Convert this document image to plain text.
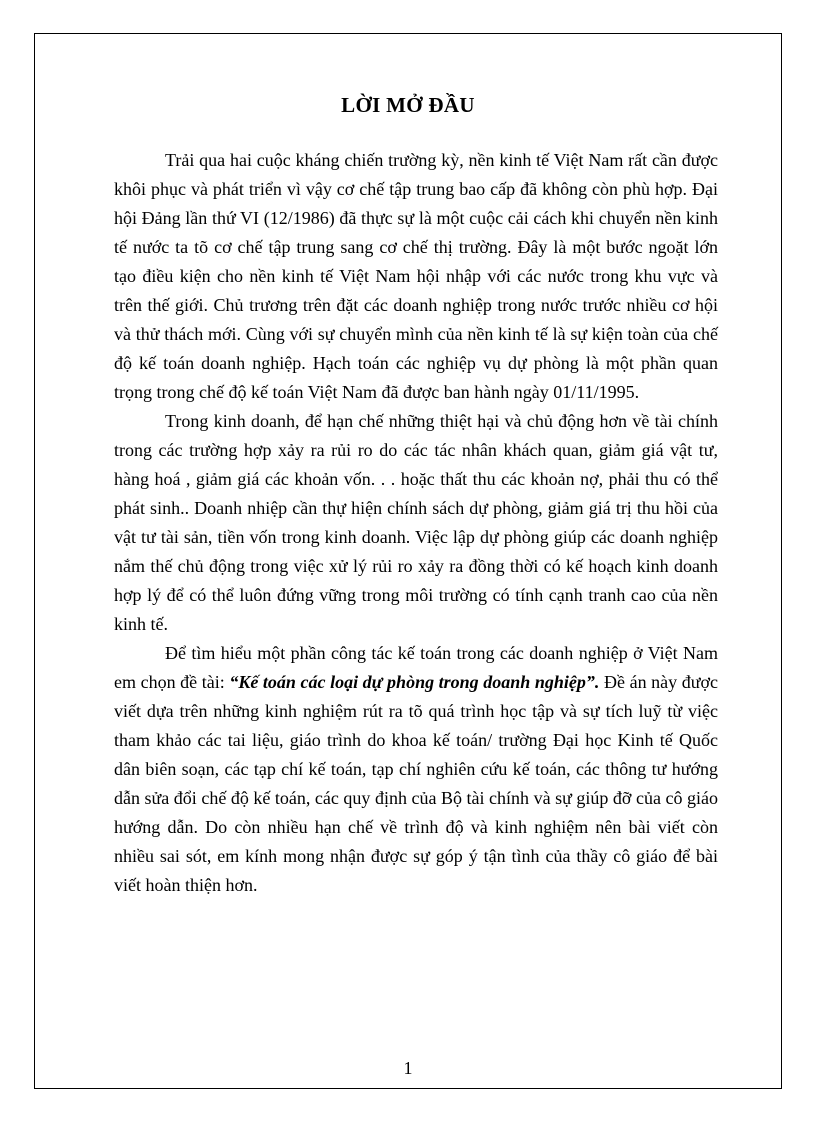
LỜI MỞ ĐẦU

Trải qua hai cuộc kháng chiến trường kỳ, nền kinh tế Việt Nam rất cần được khôi phục và phát triển vì vậy cơ chế tập trung bao cấp đã không còn phù hợp. Đại hội Đảng lần thứ VI (12/1986) đã thực sự là một cuộc cải cách khi chuyển nền kinh tế nước ta tõ cơ chế tập trung sang cơ chế thị trường. Đây là một bước ngoặt lớn tạo điều kiện cho nền kinh tế Việt Nam hội nhập với các nước trong khu vực và trên thế giới. Chủ trương trên đặt các doanh nghiệp trong nước trước nhiều cơ hội và thử thách mới. Cùng với sự chuyển mình của nền kinh tế là sự kiện toàn của chế độ kế toán doanh nghiệp. Hạch toán các nghiệp vụ dự phòng là một phần quan trọng trong chế độ kế toán Việt Nam đã được ban hành ngày 01/11/1995.

Trong kinh doanh, để hạn chế những thiệt hại và chủ động hơn về tài chính trong các trường hợp xảy ra rủi ro do các tác nhân khách quan, giảm giá vật tư, hàng hoá , giảm giá các khoản vốn. . . hoặc thất thu các khoản nợ, phải thu có thể phát sinh.. Doanh nhiệp cần thự hiện chính sách dự phòng, giảm giá trị thu hồi của vật tư tài sản, tiền vốn trong kinh doanh. Việc lập dự phòng giúp các doanh nghiệp nắm thế chủ động trong việc xử lý rủi ro xảy ra đồng thời có kế hoạch kinh doanh hợp lý để có thể luôn đứng vững trong môi trường có tính cạnh tranh cao của nền kinh tế.

Để tìm hiểu một phần công tác kế toán trong các doanh nghiệp ở Việt Nam em chọn đề tài: “Kế toán các loại dự phòng trong doanh nghiệp”. Đề án này được viết dựa trên những kinh nghiệm rút ra tõ quá trình học tập và sự tích luỹ từ việc tham khảo các tai liệu, giáo trình do khoa kế toán/ trường Đại học Kinh tế Quốc dân biên soạn, các tạp chí kế toán, tạp chí nghiên cứu kế toán, các thông tư hướng dẫn sửa đổi chế độ kế toán, các quy định của Bộ tài chính và sự giúp đỡ của cô giáo hướng dẫn. Do còn nhiều hạn chế về trình độ và kinh nghiệm nên bài viết còn nhiều sai sót, em kính mong nhận được sự góp ý tận tình của thầy cô giáo để bài viết hoàn thiện hơn.

1
